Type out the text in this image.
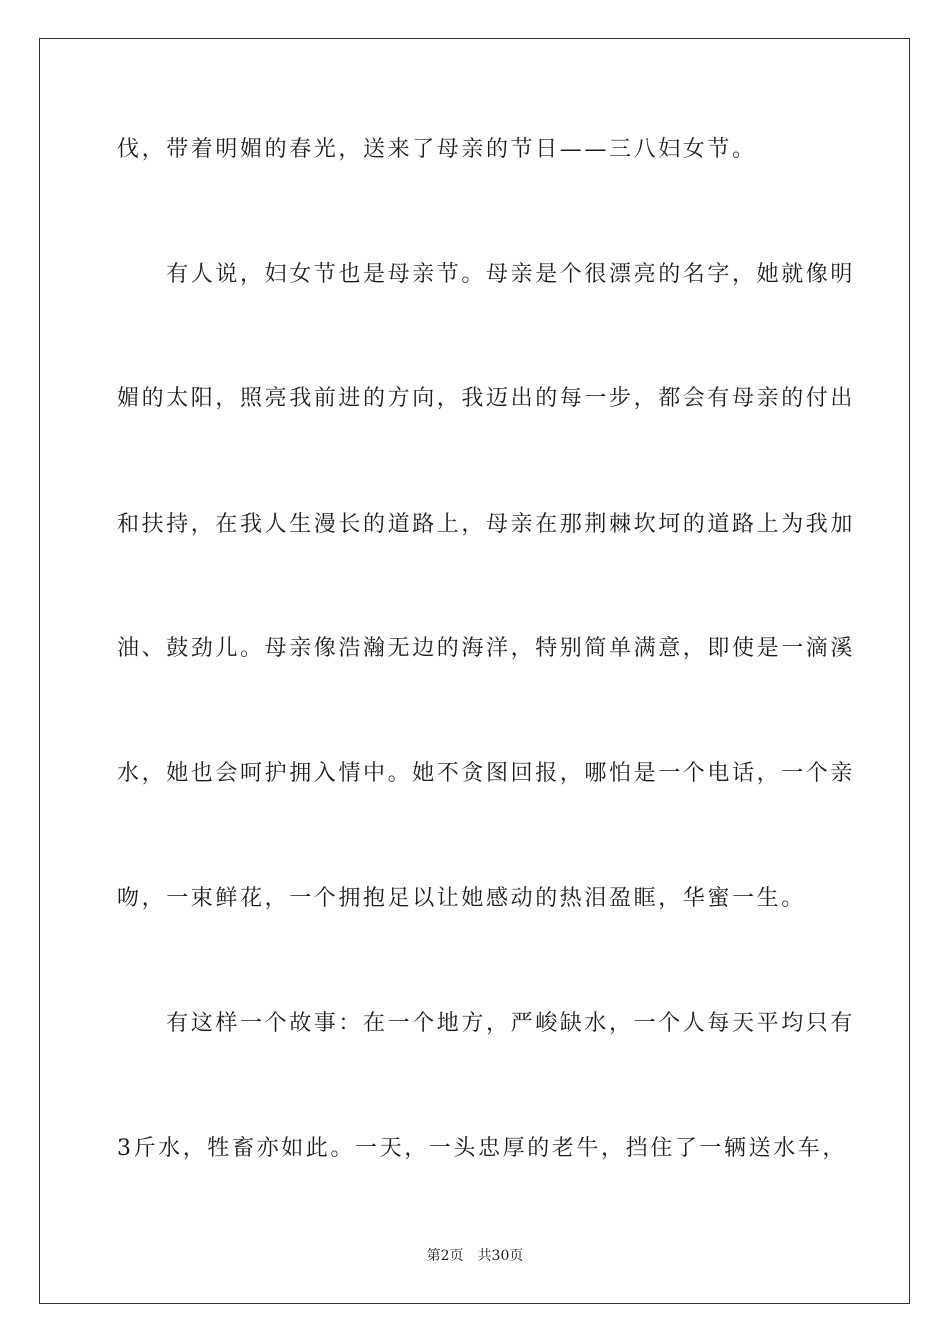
伐，带着明媚的春光，送来了母亲的节日——三八妇女节。
　　有人说，妇女节也是母亲节。母亲是个很漂亮的名字，她就像明
媚的太阳，照亮我前进的方向，我迈出的每一步，都会有母亲的付出
和扶持，在我人生漫长的道路上，母亲在那荆棘坎坷的道路上为我加
油、鼓劲儿。母亲像浩瀚无边的海洋，特别简单满意，即使是一滴溪
水，她也会呵护拥入情中。她不贪图回报，哪怕是一个电话，一个亲
吻，一束鲜花，一个拥抱足以让她感动的热泪盈眶，华蜜一生。
　　有这样一个故事：在一个地方，严峻缺水，一个人每天平均只有
3斤水，牲畜亦如此。一天，一头忠厚的老牛，挡住了一辆送水车，
第2页　共30页
